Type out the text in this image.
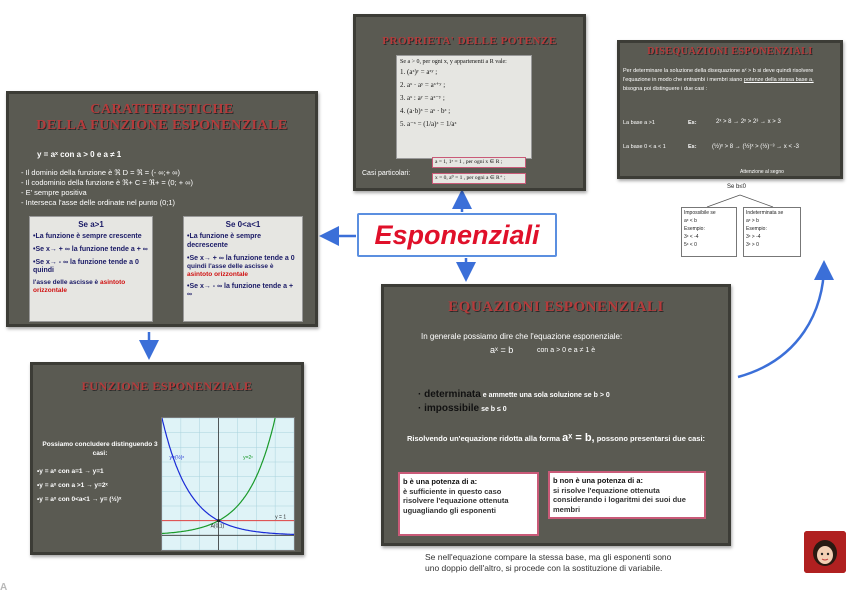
Esponenziali
CARATTERISTICHE
DELLA FUNZIONE ESPONENZIALE
y = aˣ con a > 0 e a ≠ 1
- Il dominio della funzione è ℜ D = ℜ = (- ∞;+ ∞)
- Il codominio della funzione è ℜ+ C = ℜ+ = (0; + ∞)
- E' sempre positiva
- Interseca l'asse delle ordinate nel punto (0;1)
Se a>1
•La funzione è sempre crescente
•Se x→ + ∞ la funzione tende a + ∞
•Se x→ - ∞ la funzione tende a 0 quindi
l'asse delle ascisse è asintoto orizzontale
Se 0<a<1
•La funzione è sempre decrescente
•Se x→ + ∞ la funzione tende a 0
quindi l'asse delle ascisse è asintoto orizzontale
•Se x→ - ∞ la funzione tende a + ∞
PROPRIETA' DELLE POTENZE
Se a > 0, per ogni x, y appartenenti a R vale:
1. (aˣ)ʸ = aˣʸ ;
2. aˣ · aʸ = aˣ⁺ʸ ;
3. aˣ : aʸ = aˣ⁻ʸ ;
4. (a·b)ˣ = aˣ · bˣ ;
5. a⁻ˣ = (1/a)ˣ = 1/aˣ
Casi particolari:
a = 1, 1ˣ = 1 , per ogni x ∈ R ;
x = 0, a⁰ = 1 , per ogni a ∈ R⁺ ;
DISEQUAZIONI ESPONENZIALI
Per determinare la soluzione della disequazione aˣ > b si deve quindi risolvere l'equazione in modo che entrambi i membri siano potenze della stessa base a, bisogna poi distinguere i due casi :
La base a >1	Es:	2ˣ > 8 → 2ˣ > 2³ → x > 3
La base 0 < a < 1	Es:	(½)ˣ > 8 → (½)ˣ > (½)⁻³ → x < -3
Attenzione al segno
Se b≤0
Impossibile se
aˣ < b
Esempio:
3ˣ < -4
5ˣ < 0
Indeterminata se
aˣ > b
Esempio:
3ˣ > -4
3ˣ > 0
FUNZIONE ESPONENZIALE
Possiamo concludere distinguendo 3 casi:
•y = aˣ con a=1 → y=1
•y = aˣ con a >1 → y=2ˣ
•y = aˣ con 0<a<1 → y= (½)ˣ
y=(½)ˣ	y=2ˣ
y = 1
A(0,1)
EQUAZIONI ESPONENZIALI
In generale possiamo dire che l'equazione esponenziale:
aˣ = b	con a > 0 e a ≠ 1 è
· determinata e ammette una sola soluzione se b > 0
· impossibile se b ≤ 0
Risolvendo un'equazione ridotta alla forma aˣ = b, possono presentarsi due casi:
b è una potenza di a:
è sufficiente in questo caso risolvere l'equazione ottenuta uguagliando gli esponenti
b non è una potenza di a:
si risolve l'equazione ottenuta considerando i logaritmi dei suoi due membri
Se nell'equazione compare la stessa base, ma gli esponenti sono uno doppio dell'altro, si procede con la sostituzione di variabile.
A
